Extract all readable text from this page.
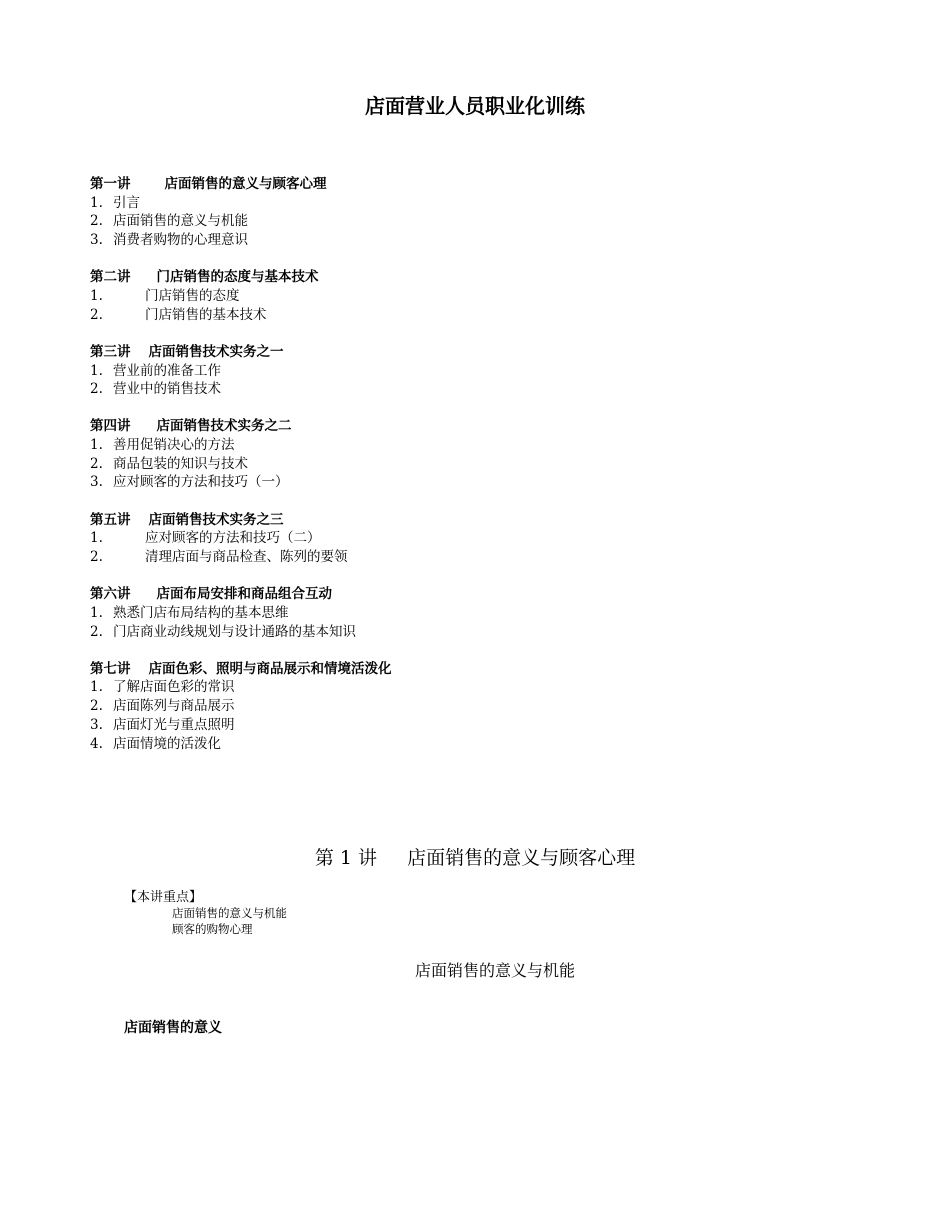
店面营业人员职业化训练
第一讲	店面销售的意义与顾客心理
1. 引言
2. 店面销售的意义与机能
3. 消费者购物的心理意识
第二讲 门店销售的态度与基本技术
1.	门店销售的态度
2.	门店销售的基本技术
第三讲 店面销售技术实务之一
1. 营业前的准备工作
2. 营业中的销售技术
第四讲 店面销售技术实务之二
1. 善用促销决心的方法
2. 商品包装的知识与技术
3. 应对顾客的方法和技巧（一）
第五讲 店面销售技术实务之三
1.	应对顾客的方法和技巧（二）
2.	清理店面与商品检查、陈列的要领
第六讲 店面布局安排和商品组合互动
1. 熟悉门店布局结构的基本思维
2. 门店商业动线规划与设计通路的基本知识
第七讲 店面色彩、照明与商品展示和情境活泼化
1. 了解店面色彩的常识
2. 店面陈列与商品展示
3. 店面灯光与重点照明
4. 店面情境的活泼化
第 1 讲     店面销售的意义与顾客心理
【本讲重点】
店面销售的意义与机能
顾客的购物心理
店面销售的意义与机能
店面销售的意义
